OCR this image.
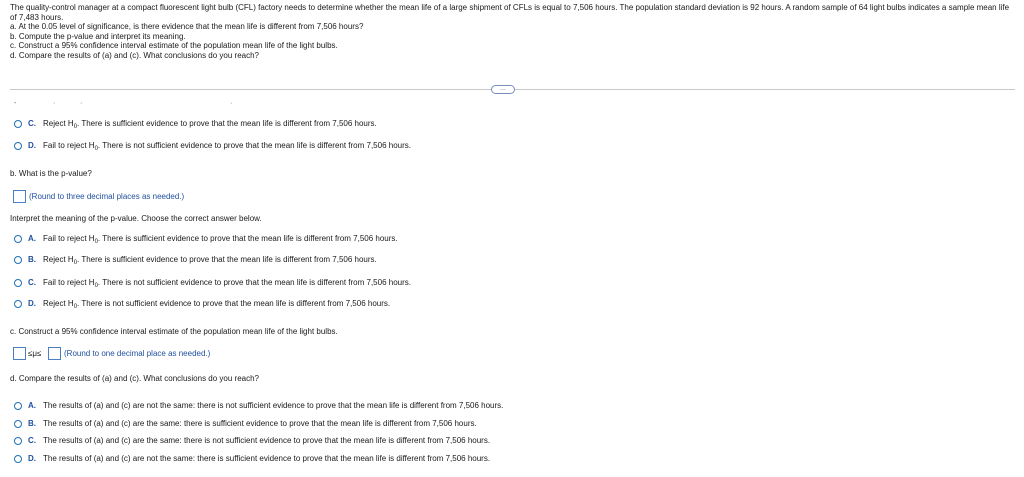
The quality-control manager at a compact fluorescent light bulb (CFL) factory needs to determine whether the mean life of a large shipment of CFLs is equal to 7,506 hours. The population standard deviation is 92 hours. A random sample of 64 light bulbs indicates a sample mean life of 7,483 hours.

a. At the 0.05 level of significance, is there evidence that the mean life is different from 7,506 hours?

b. Compute the p-value and interpret its meaning.

c. Construct a 95% confidence interval estimate of the population mean life of the light bulbs.

d. Compare the results of (a) and (c). What conclusions do you reach?

…
-	·	·	·
C. Reject $H_0$. There is sufficient evidence to prove that the mean life is different from 7,506 hours.
D. Fail to reject $H_0$. There is not sufficient evidence to prove that the mean life is different from 7,506 hours.
b. What is the p-value?
(Round to three decimal places as needed.)
Interpret the meaning of the p-value. Choose the correct answer below.
A. Fail to reject $H_0$. There is sufficient evidence to prove that the mean life is different from 7,506 hours.
B. Reject $H_0$. There is sufficient evidence to prove that the mean life is different from 7,506 hours.
C. Fail to reject $H_0$. There is not sufficient evidence to prove that the mean life is different from 7,506 hours.
D. Reject $H_0$. There is not sufficient evidence to prove that the mean life is different from 7,506 hours.
c. Construct a 95% confidence interval estimate of the population mean life of the light bulbs.
≤μ≤	(Round to one decimal place as needed.)
d. Compare the results of (a) and (c). What conclusions do you reach?
A. The results of (a) and (c) are not the same: there is not sufficient evidence to prove that the mean life is different from 7,506 hours.
B. The results of (a) and (c) are the same: there is sufficient evidence to prove that the mean life is different from 7,506 hours.
C. The results of (a) and (c) are the same: there is not sufficient evidence to prove that the mean life is different from 7,506 hours.
D. The results of (a) and (c) are not the same: there is sufficient evidence to prove that the mean life is different from 7,506 hours.
